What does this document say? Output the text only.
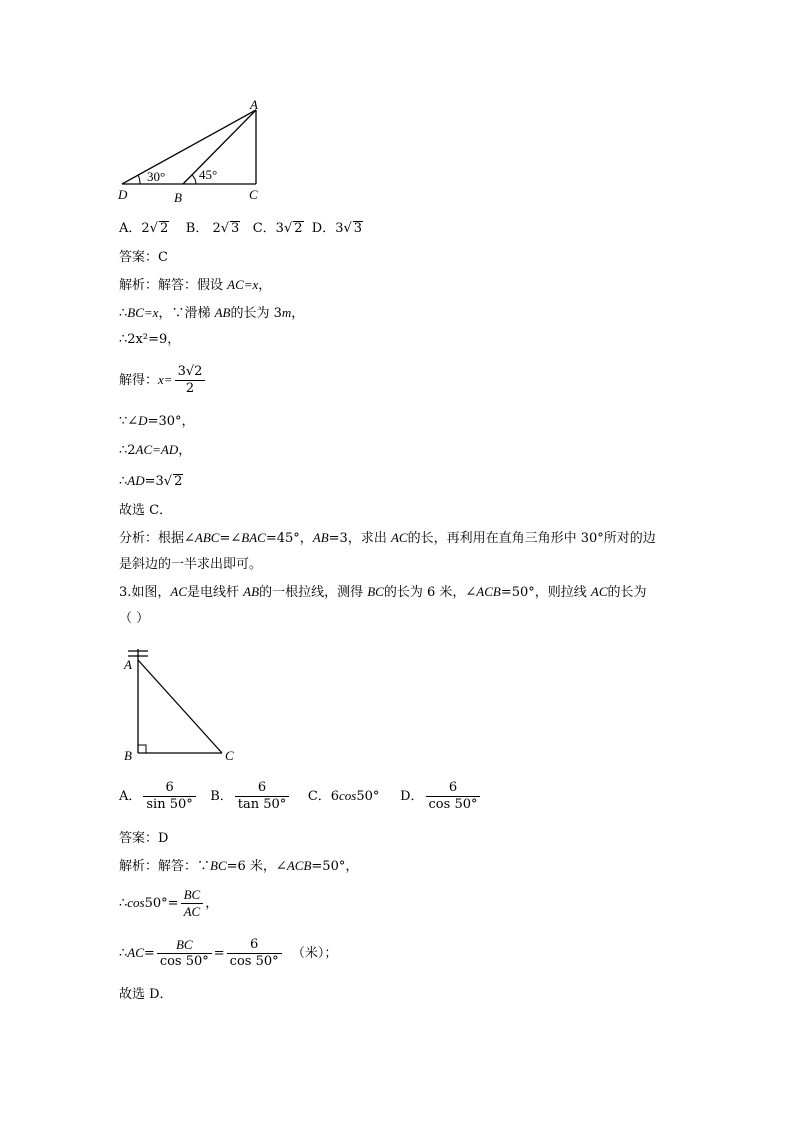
A
D	B	C
30°	45°
A．2√ 2 B． 2√ 3 C．3√ 2 D．3√ 3
答案：C
解析：解答：假设 AC=x，
∴BC=x，∵滑梯 AB的长为 3m，
∴2x²=9，
解得：$x= \frac{3√2}{2}$
∵∠D=30°，
∴2AC=AD，
∴AD=3√ 2
故选 C．
分析：根据∠ABC=∠BAC=45°，AB=3，求出 AC的长，再利用在直角三角形中 30°所对的边
是斜边的一半求出即可。
3.如图，AC是电线杆 AB的一根拉线，测得 BC的长为 6 米，∠ACB=50°，则拉线 AC的长为
（ ）
A
B	C
A． $\frac{6}{\sin 50^\circ}$ B． $\frac{6}{\tan 50^\circ}$ C．6cos50° D． $\frac{6}{\cos 50^\circ}$
答案：D
解析：解答：∵BC=6 米，∠ACB=50°，
∴cos50°= $\frac{BC}{AC}$ ，
∴AC= $\frac{BC}{\cos 50^\circ} = \frac{6}{\cos 50^\circ}$ （米）；
故选 D．
